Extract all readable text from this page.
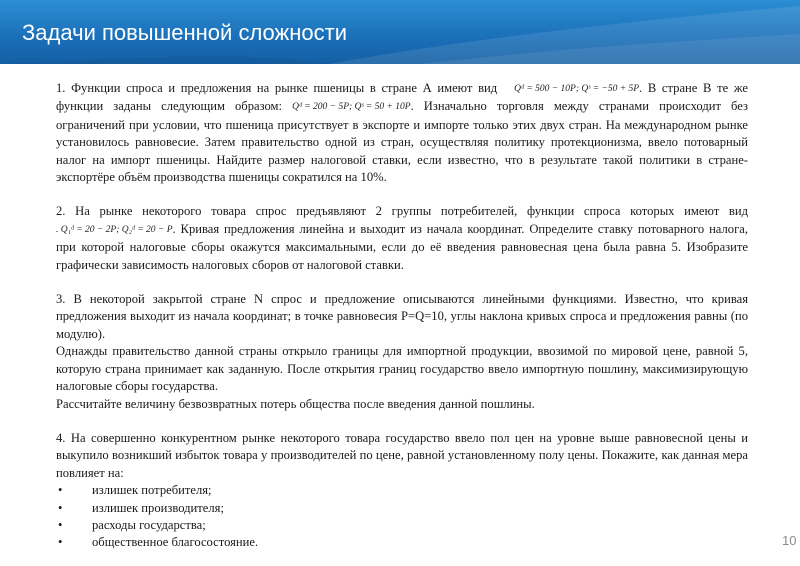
Задачи повышенной сложности

1. Функции спроса и предложения на рынке пшеницы в стране А имеют вид Qᵈ = 500 − 10P; Qˢ = −50 + 5P. В стране В те же функции заданы следующим образом: Qᵈ = 200 − 5P; Qˢ = 50 + 10P. Изначально торговля между странами происходит без ограничений при условии, что пшеница присутствует в экспорте и импорте только этих двух стран. На международном рынке установилось равновесие. Затем правительство одной из стран, осуществляя политику протекционизма, ввело потоварный налог на импорт пшеницы. Найдите размер налоговой ставки, если известно, что в результате такой политики в стране-экспортёре объём производства пшеницы сократился на 10%.

2. На рынке некоторого товара спрос предъявляют 2 группы потребителей, функции спроса которых имеют вид . Q₁ᵈ = 20 − 2P; Q₂ᵈ = 20 − P. Кривая предложения линейна и выходит из начала координат. Определите ставку потоварного налога, при которой налоговые сборы окажутся максимальными, если до её введения равновесная цена была равна 5. Изобразите графически зависимость налоговых сборов от налоговой ставки.

3. В некоторой закрытой стране N спрос и предложение описываются линейными функциями. Известно, что кривая предложения выходит из начала координат; в точке равновесия P=Q=10, углы наклона кривых спроса и предложения равны (по модулю).

Однажды правительство данной страны открыло границы для импортной продукции, ввозимой по мировой цене, равной 5, которую страна принимает как заданную. После открытия границ государство ввело импортную пошлину, максимизирующую налоговые сборы государства.

Рассчитайте величину безвозвратных потерь общества после введения данной пошлины.

4. На совершенно конкурентном рынке некоторого товара государство ввело пол цен на уровне выше равновесной цены и выкупило возникший избыток товара у производителей по цене, равной установленному полу цены. Покажите, как данная мера повлияет на:

• излишек потребителя;
• излишек производителя;
• расходы государства;
• общественное благосостояние.	10
